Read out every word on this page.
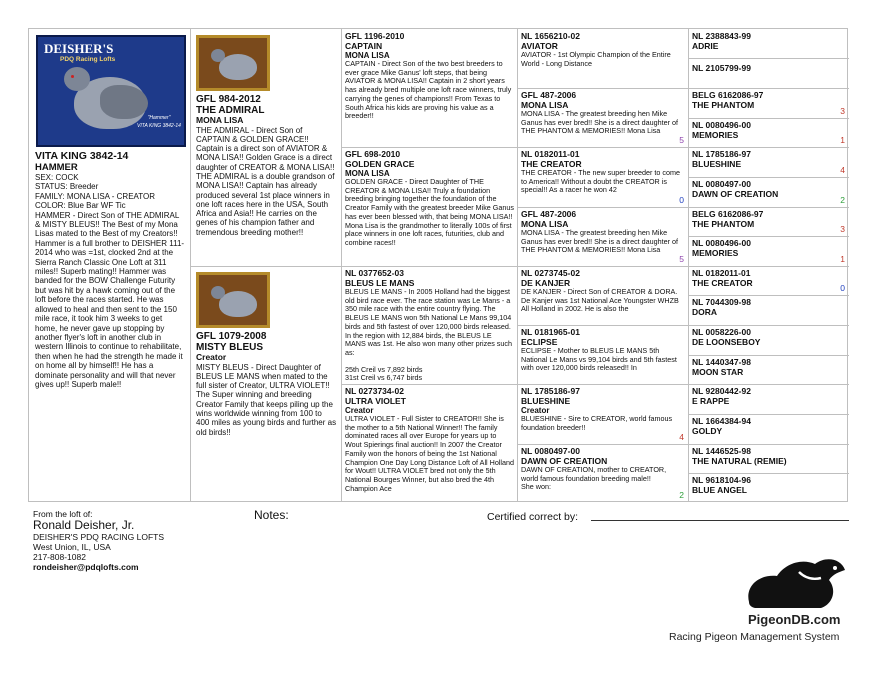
DEISHER'S
PDQ Racing Lofts
"Hammer"
VITA KING 3842-14
VITA KING 3842-14
HAMMER
SEX: COCK
STATUS: Breeder
FAMILY: MONA LISA - CREATOR
COLOR: Blue Bar WF Tic
HAMMER - Direct Son of THE ADMIRAL & MISTY BLEUS!! The Best of my Mona Lisas mated to the Best of my Creators!! Hammer is a full brother to DEISHER 111-2014 who was =1st, clocked 2nd at the Sierra Ranch Classic One Loft at 311 miles!! Superb mating!! Hammer was banded for the BOW Challenge Futurity but was hit by a hawk coming out of the loft before the races started. He was allowed to heal and then sent to the 150 mile race, it took him 3 weeks to get home, he never gave up stopping by another flyer's loft in another club in western Illinois to continue to rehabilitate, then when he had the strength he made it on home all by himself!! He has a dominate personality and will that never gives up!! Superb male!!
GFL 984-2012
THE ADMIRAL
MONA LISA
THE ADMIRAL - Direct Son of CAPTAIN & GOLDEN GRACE!! Captain is a direct son of AVIATOR & MONA LISA!! Golden Grace is a direct daughter of CREATOR & MONA LISA!! THE ADMIRAL is a double grandson of MONA LISA!! Captain has already produced several 1st place winners in one loft races here in the USA, South Africa and Asia!! He carries on the genes of his champion father and tremendous breeding mother!!
GFL 1079-2008
MISTY BLEUS
Creator
MISTY BLEUS - Direct Daughter of BLEUS LE MANS when mated to the full sister of Creator, ULTRA VIOLET!! The Super winning and breeding Creator Family that keeps piling up the wins worldwide winning from 100 to 400 miles as young birds and further as old birds!!
GFL 1196-2010
CAPTAIN
MONA LISA
CAPTAIN - Direct Son of the two best breeders to ever grace Mike Ganus' loft steps, that being AVIATOR & MONA LISA!! Captain in 2 short years has already bred multiple one loft race winners, truly carrying the genes of champions!! From Texas to South Africa his kids are proving his value as a breeder!!
GFL 698-2010
GOLDEN GRACE
MONA LISA
GOLDEN GRACE - Direct Daughter of THE CREATOR & MONA LISA!! Truly a foundation breeding bringing together the foundation of the Creator Family with the greatest breeder Mike Ganus has ever been blessed with, that being MONA LISA!! Mona Lisa is the grandmother to literally 100s of first place winners in one loft races, futurities, club and combine races!!
NL 0377652-03
BLEUS LE MANS
BLEUS LE MANS - In 2005 Holland had the biggest old bird race ever. The race station was Le Mans - a 350 mile race with the entire country flying. The BLEUS LE MANS won 5th National Le Mans 99,104 birds and 5th fastest of over 120,000 birds released. In the region with 12,884 birds, the BLEUS LE MANS was 1st. He also won many other prizes such as:
25th Creil vs 7,892 birds
31st Creil vs 6,747 birds
NL 0273734-02
ULTRA VIOLET
Creator
ULTRA VIOLET - Full Sister to CREATOR!! She is the mother to a 5th National Winner!! The family dominated races all over Europe for years up to Wout Spierings final auction!! In 2007 the Creator Family won the honors of being the 1st National Champion One Day Long Distance Loft of All Holland for Wout!! ULTRA VIOLET bred not only the 5th National Bourges Winner, but also bred the 4th Champion Ace
NL 1656210-02
AVIATOR
AVIATOR - 1st Olympic Champion of the Entire World - Long Distance
GFL 487-2006
MONA LISA
MONA LISA - The greatest breeding hen Mike Ganus has ever bred!! She is a direct daughter of THE PHANTOM & MEMORIES!! Mona Lisa
5
NL 0182011-01
THE CREATOR
THE CREATOR - The new super breeder to come to America!! Without a doubt the CREATOR is special!! As a racer he won 42
0
GFL 487-2006
MONA LISA
MONA LISA - The greatest breeding hen Mike Ganus has ever bred!! She is a direct daughter of THE PHANTOM & MEMORIES!! Mona Lisa
5
NL 0273745-02
DE KANJER
DE KANJER - Direct Son of CREATOR & DORA. De Kanjer was 1st National Ace Youngster WHZB All Holland in 2002. He is also the
NL 0181965-01
ECLIPSE
ECLIPSE - Mother to BLEUS LE MANS 5th National Le Mans vs 99,104 birds and 5th fastest with over 120,000 birds released!! In
NL 1785186-97
BLUESHINE
Creator
BLUESHINE - Sire to CREATOR, world famous foundation breeder!!
4
NL 0080497-00
DAWN OF CREATION
DAWN OF CREATION, mother to CREATOR, world famous foundation breeding male!!
She won:
2
NL 2388843-99
ADRIE
NL 2105799-99
BELG 6162086-97
THE PHANTOM
3
NL 0080496-00
MEMORIES
1
NL 1785186-97
BLUESHINE
4
NL 0080497-00
DAWN OF CREATION
2
BELG 6162086-97
THE PHANTOM
3
NL 0080496-00
MEMORIES
1
NL 0182011-01
THE CREATOR
0
NL 7044309-98
DORA
NL 0058226-00
DE LOONSEBOY
NL 1440347-98
MOON STAR
NL 9280442-92
E RAPPE
NL 1664384-94
GOLDY
NL 1446525-98
THE NATURAL (REMIE)
NL 9618104-96
BLUE ANGEL
From the loft of:
Ronald Deisher, Jr.
DEISHER'S PDQ RACING LOFTS
West Union, IL, USA
217-808-1082
rondeisher@pdqlofts.com
Notes:	Certified correct by:
PigeonDB.com
Racing Pigeon Management System
